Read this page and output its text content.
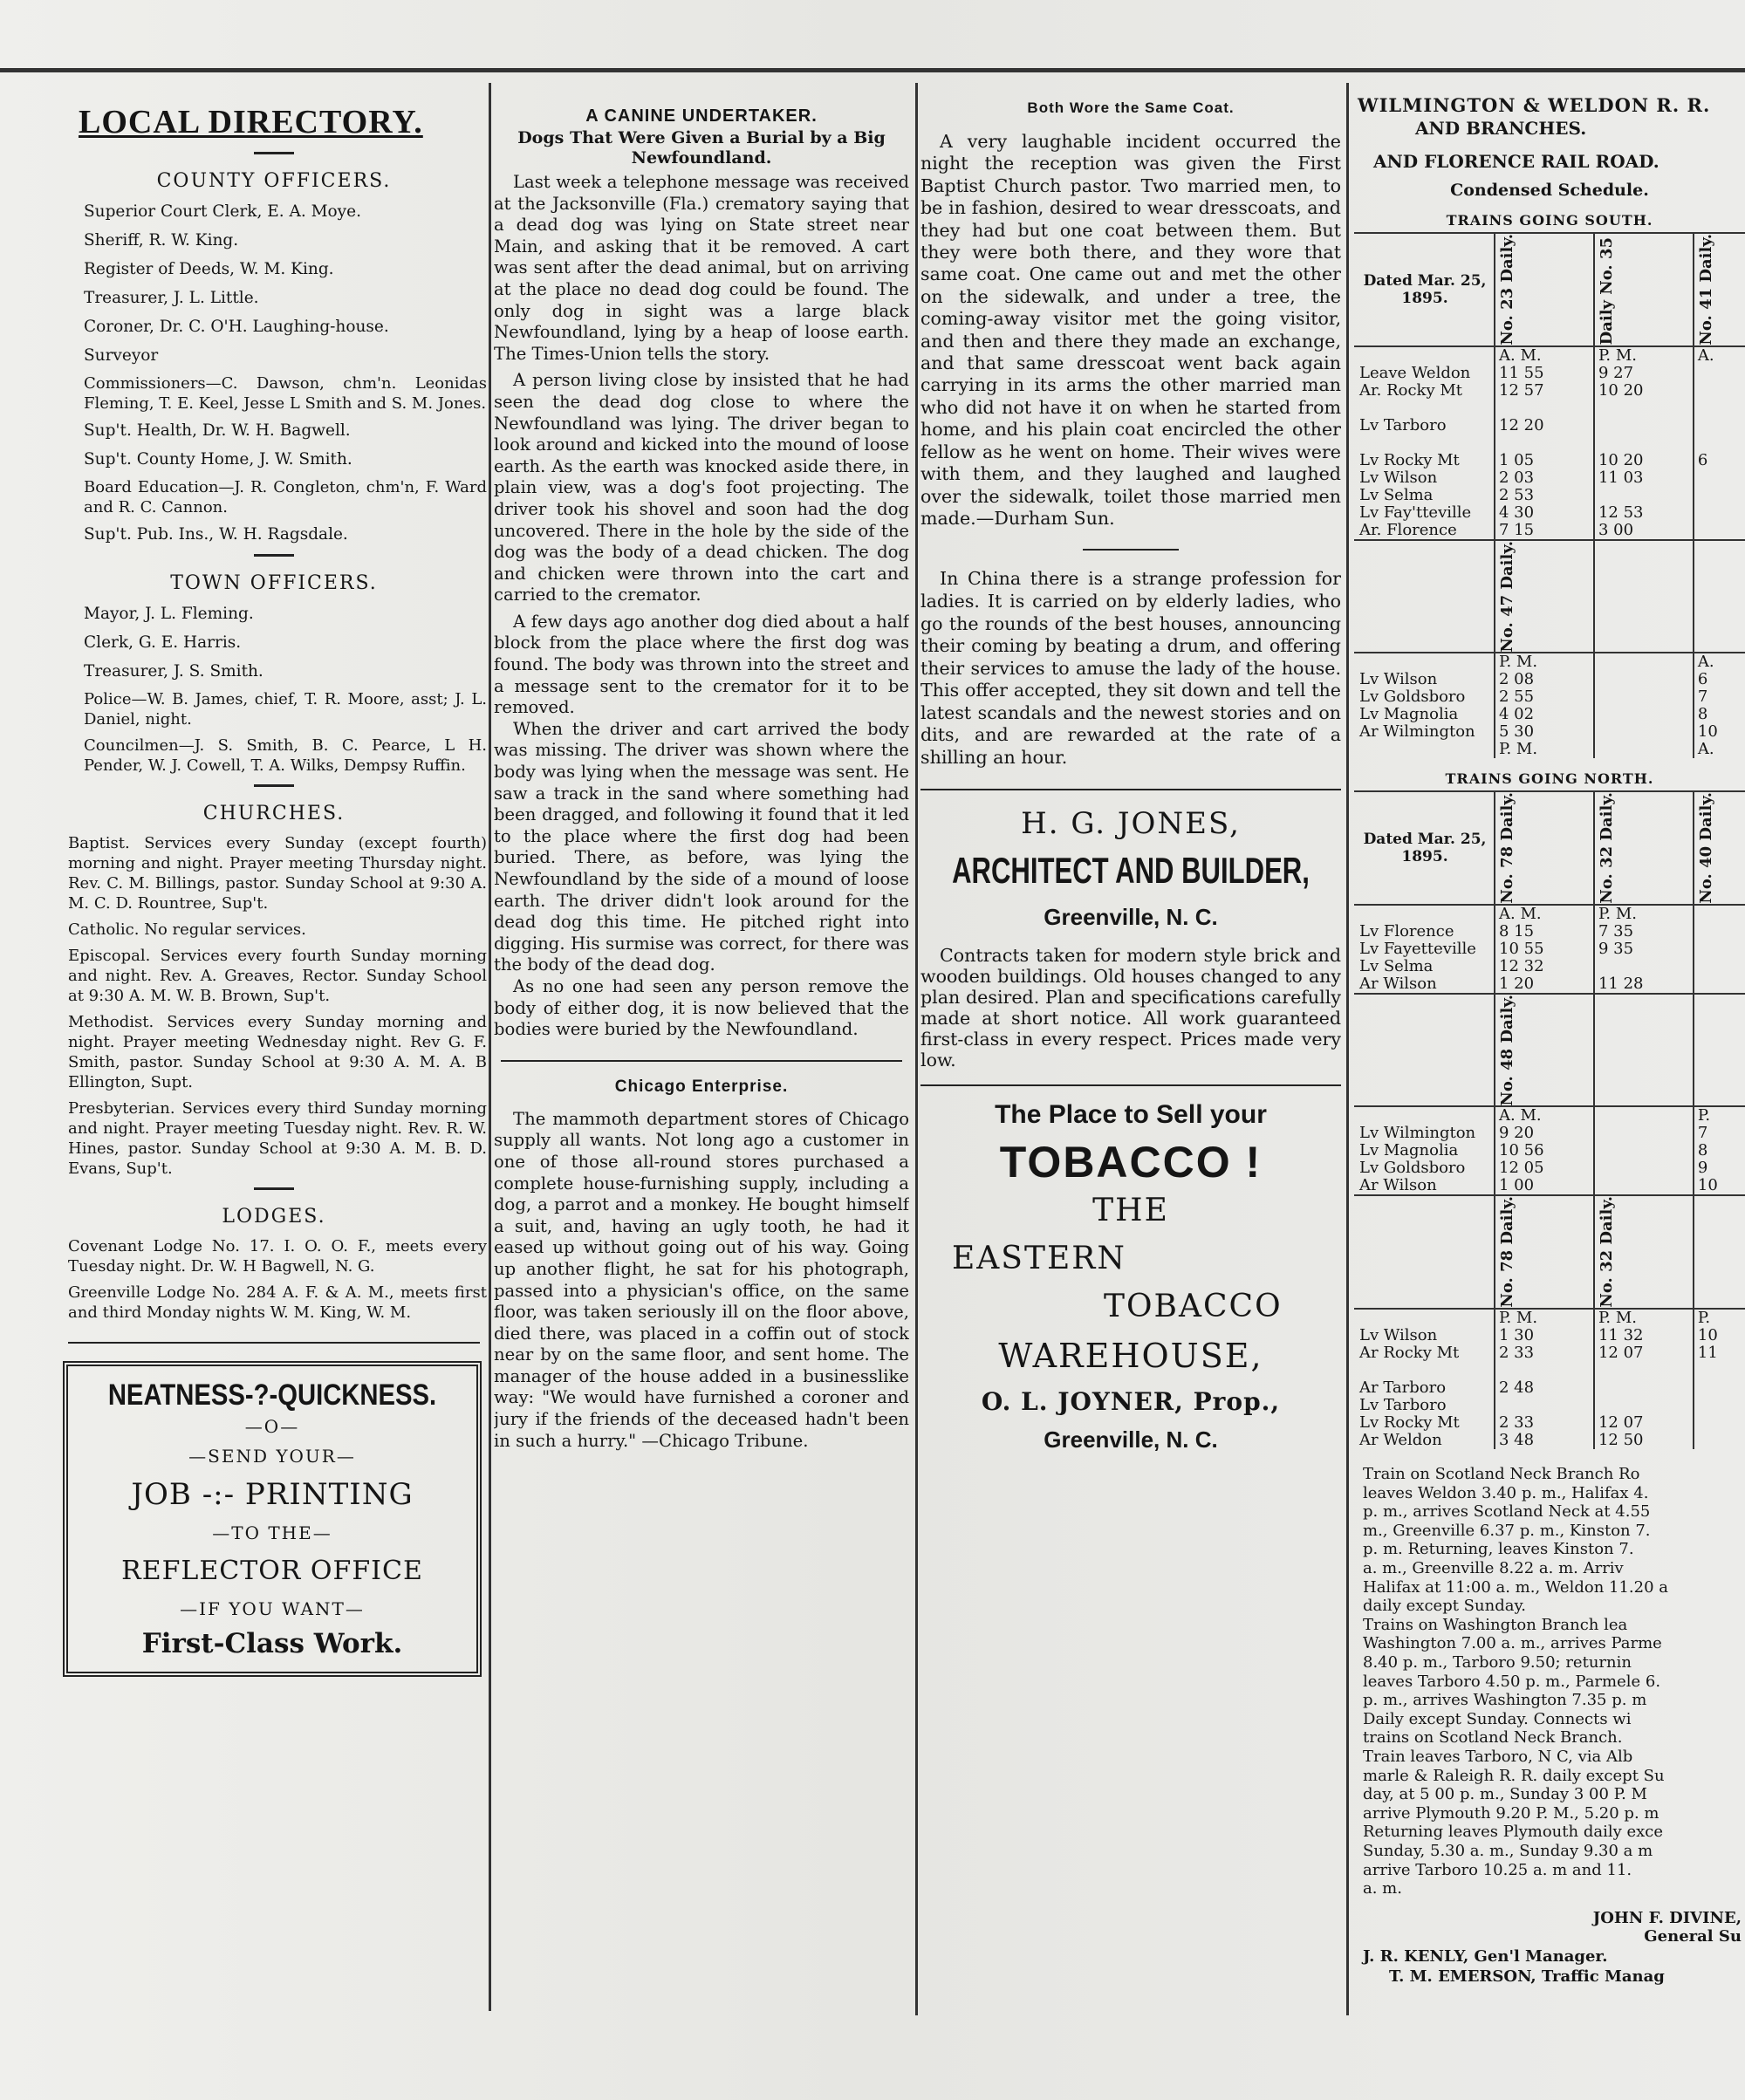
LOCAL DIRECTORY.
COUNTY OFFICERS.
Superior Court Clerk, E. A. Moye.
Sheriff, R. W. King.
Register of Deeds, W. M. King.
Treasurer, J. L. Little.
Coroner, Dr. C. O'H. Laughing-house.
Surveyor
Commissioners—C. Dawson, chm'n. Leonidas Fleming, T. E. Keel, Jesse L Smith and S. M. Jones.
Sup't. Health, Dr. W. H. Bagwell.
Sup't. County Home, J. W. Smith.
Board Education—J. R. Congleton, chm'n, F. Ward and R. C. Cannon.
Sup't. Pub. Ins., W. H. Ragsdale.
TOWN OFFICERS.
Mayor, J. L. Fleming.
Clerk, G. E. Harris.
Treasurer, J. S. Smith.
Police—W. B. James, chief, T. R. Moore, asst; J. L. Daniel, night.
Councilmen—J. S. Smith, B. C. Pearce, L H. Pender, W. J. Cowell, T. A. Wilks, Dempsy Ruffin.
CHURCHES.
Baptist. Services every Sunday (except fourth) morning and night. Prayer meeting Thursday night. Rev. C. M. Billings, pastor. Sunday School at 9:30 A. M. C. D. Rountree, Sup't.
Catholic. No regular services.
Episcopal. Services every fourth Sunday morning and night. Rev. A. Greaves, Rector. Sunday School at 9:30 A. M. W. B. Brown, Sup't.
Methodist. Services every Sunday morning and night. Prayer meeting Wednesday night. Rev G. F. Smith, pastor. Sunday School at 9:30 A. M. A. B Ellington, Supt.
Presbyterian. Services every third Sunday morning and night. Prayer meeting Tuesday night. Rev. R. W. Hines, pastor. Sunday School at 9:30 A. M. B. D. Evans, Sup't.
LODGES.
Covenant Lodge No. 17. I. O. O. F., meets every Tuesday night. Dr. W. H Bagwell, N. G.
Greenville Lodge No. 284 A. F. & A. M., meets first and third Monday nights W. M. King, W. M.
NEATNESS-?-QUICKNESS.
—O—
—SEND YOUR—
JOB -:- PRINTING
—TO THE—
REFLECTOR OFFICE
—IF YOU WANT—
First-Class Work.
A CANINE UNDERTAKER.
Dogs That Were Given a Burial by a Big Newfoundland.

Last week a telephone message was received at the Jacksonville (Fla.) crematory saying that a dead dog was lying on State street near Main, and asking that it be removed. A cart was sent after the dead animal, but on arriving at the place no dead dog could be found. The only dog in sight was a large black Newfoundland, lying by a heap of loose earth. The Times-Union tells the story.

A person living close by insisted that he had seen the dead dog close to where the Newfoundland was lying. The driver began to look around and kicked into the mound of loose earth. As the earth was knocked aside there, in plain view, was a dog's foot projecting. The driver took his shovel and soon had the dog uncovered. There in the hole by the side of the dog was the body of a dead chicken. The dog and chicken were thrown into the cart and carried to the cremator.

A few days ago another dog died about a half block from the place where the first dog was found. The body was thrown into the street and a message sent to the cremator for it to be removed.

When the driver and cart arrived the body was missing. The driver was shown where the body was lying when the message was sent. He saw a track in the sand where something had been dragged, and following it found that it led to the place where the first dog had been buried. There, as before, was lying the Newfoundland by the side of a mound of loose earth. The driver didn't look around for the dead dog this time. He pitched right into digging. His surmise was correct, for there was the body of the dead dog.

As no one had seen any person remove the body of either dog, it is now believed that the bodies were buried by the Newfoundland.

Chicago Enterprise.

The mammoth department stores of Chicago supply all wants. Not long ago a customer in one of those all-round stores purchased a complete house-furnishing supply, including a dog, a parrot and a monkey. He bought himself a suit, and, having an ugly tooth, he had it eased up without going out of his way. Going up another flight, he sat for his photograph, passed into a physician's office, on the same floor, was taken seriously ill on the floor above, died there, was placed in a coffin out of stock near by on the same floor, and sent home. The manager of the house added in a businesslike way: "We would have furnished a coroner and jury if the friends of the deceased hadn't been in such a hurry." —Chicago Tribune.

Both Wore the Same Coat.

A very laughable incident occurred the night the reception was given the First Baptist Church pastor. Two married men, to be in fashion, desired to wear dresscoats, and they had but one coat between them. But they were both there, and they wore that same coat. One came out and met the other on the sidewalk, and under a tree, the coming-away visitor met the going visitor, and then and there they made an exchange, and that same dresscoat went back again carrying in its arms the other married man who did not have it on when he started from home, and his plain coat encircled the other fellow as he went on home. Their wives were with them, and they laughed and laughed over the sidewalk, toilet those married men made.—Durham Sun.

In China there is a strange profession for ladies. It is carried on by elderly ladies, who go the rounds of the best houses, announcing their coming by beating a drum, and offering their services to amuse the lady of the house. This offer accepted, they sit down and tell the latest scandals and the newest stories and on dits, and are rewarded at the rate of a shilling an hour.

H. G. JONES,
ARCHITECT AND BUILDER,
Greenville, N. C.

Contracts taken for modern style brick and wooden buildings. Old houses changed to any plan desired. Plan and specifications carefully made at short notice. All work guaranteed first-class in every respect. Prices made very low.

The Place to Sell your
TOBACCO !
THE
EASTERN
TOBACCO
WAREHOUSE,
O. L. JOYNER, Prop.,
Greenville, N. C.
WILMINGTON & WELDON R. R.
AND BRANCHES.
AND FLORENCE RAIL ROAD.
Condensed Schedule.
TRAINS GOING SOUTH.
Dated Mar. 25, 1895.	No. 23 Daily.	Daily No. 35	No. 41 Daily.

	A. M.	P. M.	A.
Leave Weldon	11 55	9 27	
Ar. Rocky Mt	12 57	10 20	

Lv Tarboro	12 20		

Lv Rocky Mt	1 05	10 20	6
Lv Wilson	2 03	11 03	
Lv Selma	2 53		
Lv Fay'tteville	4 30	12 53	
Ar. Florence	7 15	3 00	

	No. 47 Daily.		

	P. M.		A.
Lv Wilson	2 08		6
Lv Goldsboro	2 55		7
Lv Magnolia	4 02		8
Ar Wilmington	5 30		10
	P. M.		A.
TRAINS GOING NORTH.
Dated Mar. 25, 1895.	No. 78 Daily.	No. 32 Daily.	No. 40 Daily.

	A. M.	P. M.	
Lv Florence	8 15	7 35	
Lv Fayetteville	10 55	9 35	
Lv Selma	12 32		
Ar Wilson	1 20	11 28	

	No. 48 Daily.		

	A. M.		P.
Lv Wilmington	9 20		7
Lv Magnolia	10 56		8
Lv Goldsboro	12 05		9
Ar Wilson	1 00		10

	No. 78 Daily.	No. 32 Daily.	

	P. M.	P. M.	P.
Lv Wilson	1 30	11 32	10
Ar Rocky Mt	2 33	12 07	11

Ar Tarboro	2 48		
Lv Tarboro			
Lv Rocky Mt	2 33	12 07	
Ar Weldon	3 48	12 50	
Train on Scotland Neck Branch Ro
leaves Weldon 3.40 p. m., Halifax 4.
p. m., arrives Scotland Neck at 4.55
m., Greenville 6.37 p. m., Kinston 7.
p. m. Returning, leaves Kinston 7.
a. m., Greenville 8.22 a. m. Arriv
Halifax at 11:00 a. m., Weldon 11.20 a
daily except Sunday.
Trains on Washington Branch lea
Washington 7.00 a. m., arrives Parme
8.40 p. m., Tarboro 9.50; returnin
leaves Tarboro 4.50 p. m., Parmele 6.
p. m., arrives Washington 7.35 p. m
Daily except Sunday. Connects wi
trains on Scotland Neck Branch.
Train leaves Tarboro, N C, via Alb
marle & Raleigh R. R. daily except Su
day, at 5 00 p. m., Sunday 3 00 P. M
arrive Plymouth 9.20 P. M., 5.20 p. m
Returning leaves Plymouth daily exce
Sunday, 5.30 a. m., Sunday 9.30 a m
arrive Tarboro 10.25 a. m and 11.
a. m.
JOHN F. DIVINE,
General Su
J. R. KENLY, Gen'l Manager.
T. M. EMERSON, Traffic Manag
